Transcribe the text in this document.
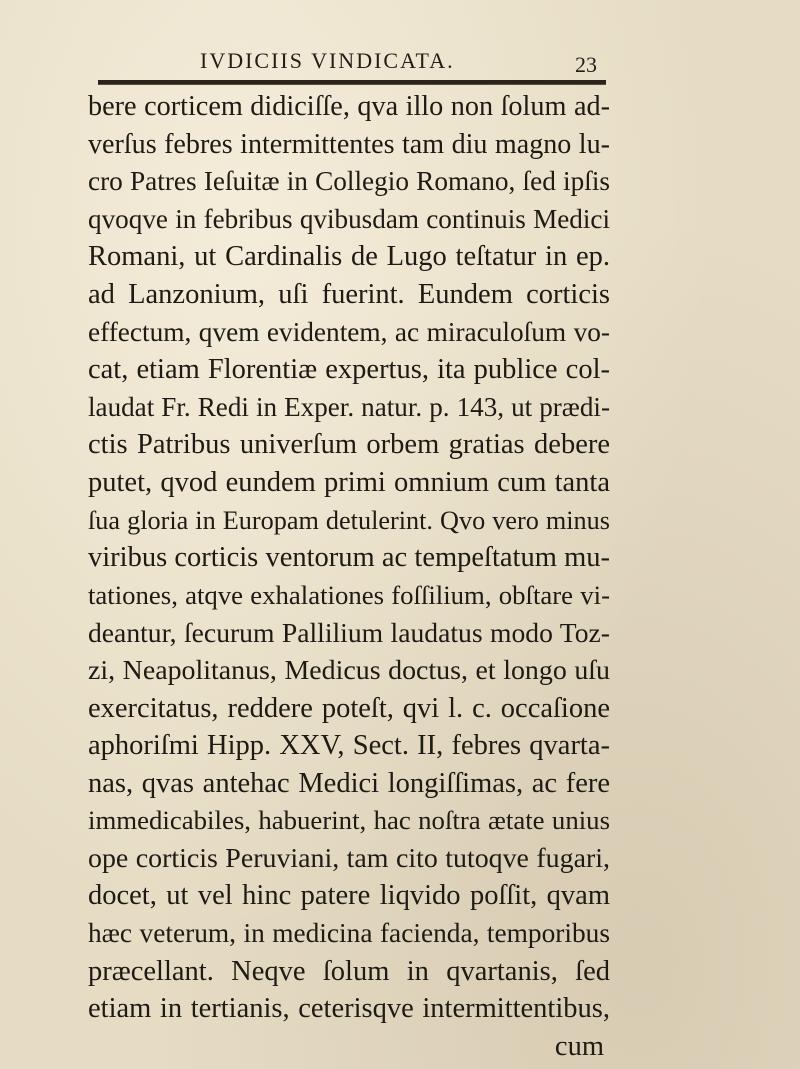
IVDICIIS VINDICATA.	23
bere corticem didiciſſe, qva illo non ſolum ad-
verſus febres intermittentes tam diu magno lu-
cro Patres Ieſuitæ in Collegio Romano, ſed ipſis
qvoqve in febribus qvibusdam continuis Medici
Romani, ut Cardinalis de Lugo teſtatur in ep.
ad Lanzonium, uſi fuerint. Eundem corticis
effectum, qvem evidentem, ac miraculoſum vo-
cat, etiam Florentiæ expertus, ita publice col-
laudat Fr. Redi in Exper. natur. p. 143, ut prædi-
ctis Patribus univerſum orbem gratias debere
putet, qvod eundem primi omnium cum tanta
ſua gloria in Europam detulerint. Qvo vero minus
viribus corticis ventorum ac tempeſtatum mu-
tationes, atqve exhalationes foſſilium, obſtare vi-
deantur, ſecurum Pallilium laudatus modo Toz-
zi, Neapolitanus, Medicus doctus, et longo uſu
exercitatus, reddere poteſt, qvi l. c. occaſione
aphoriſmi Hipp. XXV, Sect. II, febres qvarta-
nas, qvas antehac Medici longiſſimas, ac fere
immedicabiles, habuerint, hac noſtra ætate unius
ope corticis Peruviani, tam cito tutoqve fugari,
docet, ut vel hinc patere liqvido poſſit, qvam
hæc veterum, in medicina facienda, temporibus
præcellant. Neqve ſolum in qvartanis, ſed
etiam in tertianis, ceterisqve intermittentibus,
cum
